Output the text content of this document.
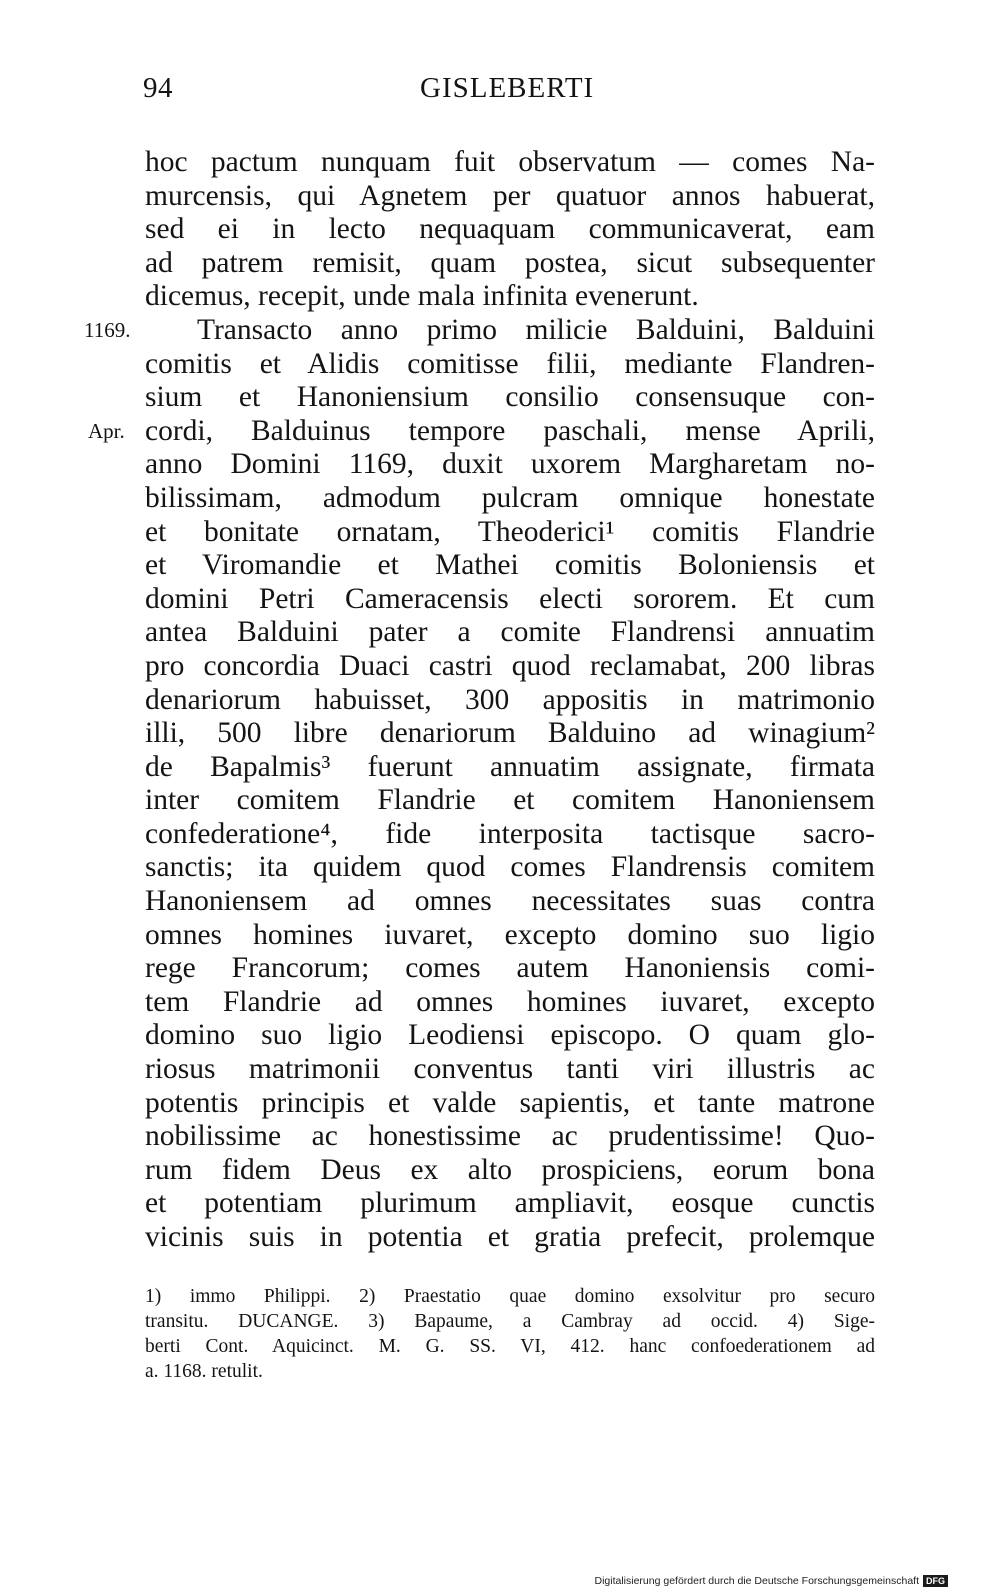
94	GISLEBERTI
1169.
Apr.
hoc pactum nunquam fuit observatum — comes Na-
murcensis, qui Agnetem per quatuor annos habuerat,
sed ei in lecto nequaquam communicaverat, eam
ad patrem remisit, quam postea, sicut subsequenter
dicemus, recepit, unde mala infinita evenerunt.
Transacto anno primo milicie Balduini, Balduini
comitis et Alidis comitisse filii, mediante Flandren-
sium et Hanoniensium consilio consensuque con-
cordi, Balduinus tempore paschali, mense Aprili,
anno Domini 1169, duxit uxorem Margharetam no-
bilissimam, admodum pulcram omnique honestate
et bonitate ornatam, Theoderici¹ comitis Flandrie
et Viromandie et Mathei comitis Boloniensis et
domini Petri Cameracensis electi sororem. Et cum
antea Balduini pater a comite Flandrensi annuatim
pro concordia Duaci castri quod reclamabat, 200 libras
denariorum habuisset, 300 appositis in matrimonio
illi, 500 libre denariorum Balduino ad winagium²
de Bapalmis³ fuerunt annuatim assignate, firmata
inter comitem Flandrie et comitem Hanoniensem
confederatione⁴, fide interposita tactisque sacro-
sanctis; ita quidem quod comes Flandrensis comitem
Hanoniensem ad omnes necessitates suas contra
omnes homines iuvaret, excepto domino suo ligio
rege Francorum; comes autem Hanoniensis comi-
tem Flandrie ad omnes homines iuvaret, excepto
domino suo ligio Leodiensi episcopo. O quam glo-
riosus matrimonii conventus tanti viri illustris ac
potentis principis et valde sapientis, et tante matrone
nobilissime ac honestissime ac prudentissime! Quo-
rum fidem Deus ex alto prospiciens, eorum bona
et potentiam plurimum ampliavit, eosque cunctis
vicinis suis in potentia et gratia prefecit, prolemque
1) immo Philippi. 2) Praestatio quae domino exsolvitur pro securo
transitu. DUCANGE. 3) Bapaume, a Cambray ad occid. 4) Sige-
berti Cont. Aquicinct. M. G. SS. VI, 412. hanc confoederationem ad
a. 1168. retulit.
Digitalisierung gefördert durch die Deutsche Forschungsgemeinschaft DFG
